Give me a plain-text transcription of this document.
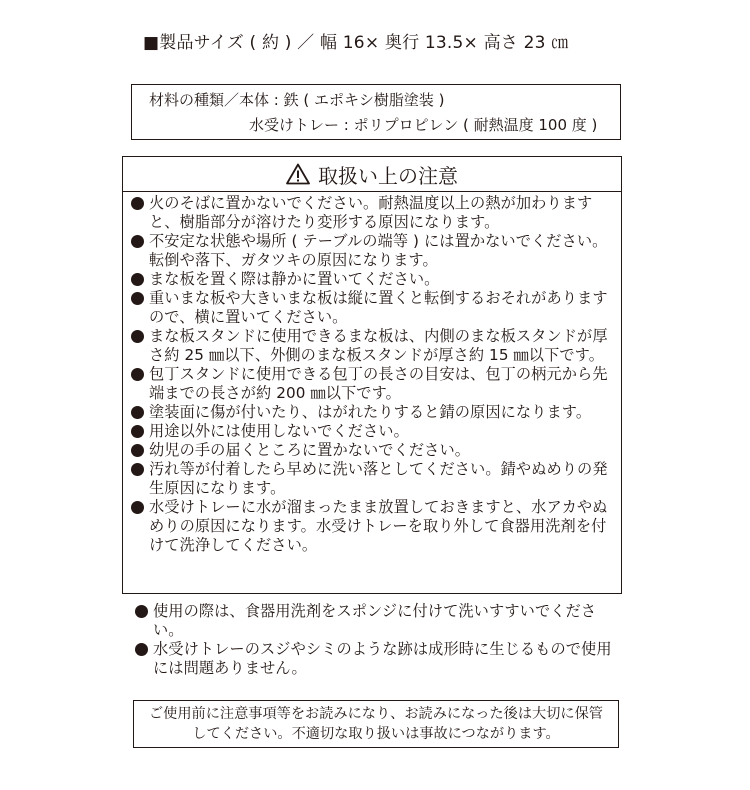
■製品サイズ ( 約 ) ／ 幅 16× 奥行 13.5× 高さ 23 ㎝
材料の種類／本体 : 鉄 ( エポキシ樹脂塗装 )
水受けトレー : ポリプロピレン ( 耐熱温度 100 度 )
取扱い上の注意
火のそばに置かないでください。耐熱温度以上の熱が加わりますと、樹脂部分が溶けたり変形する原因になります。
不安定な状態や場所 ( テーブルの端等 ) には置かないでください。転倒や落下、ガタツキの原因になります。
まな板を置く際は静かに置いてください。
重いまな板や大きいまな板は縦に置くと転倒するおそれがありますので、横に置いてください。
まな板スタンドに使用できるまな板は、内側のまな板スタンドが厚さ約 25 ㎜以下、外側のまな板スタンドが厚さ約 15 ㎜以下です。
包丁スタンドに使用できる包丁の長さの目安は、包丁の柄元から先端までの長さが約 200 ㎜以下です。
塗装面に傷が付いたり、はがれたりすると錆の原因になります。
用途以外には使用しないでください。
幼児の手の届くところに置かないでください。
汚れ等が付着したら早めに洗い落としてください。錆やぬめりの発生原因になります。
水受けトレーに水が溜まったまま放置しておきますと、水アカやぬめりの原因になります。水受けトレーを取り外して食器用洗剤を付けて洗浄してください。
使用の際は、食器用洗剤をスポンジに付けて洗いすすいでください。
水受けトレーのスジやシミのような跡は成形時に生じるもので使用には問題ありません。
ご使用前に注意事項等をお読みになり、お読みになった後は大切に保管してください。不適切な取り扱いは事故につながります。
